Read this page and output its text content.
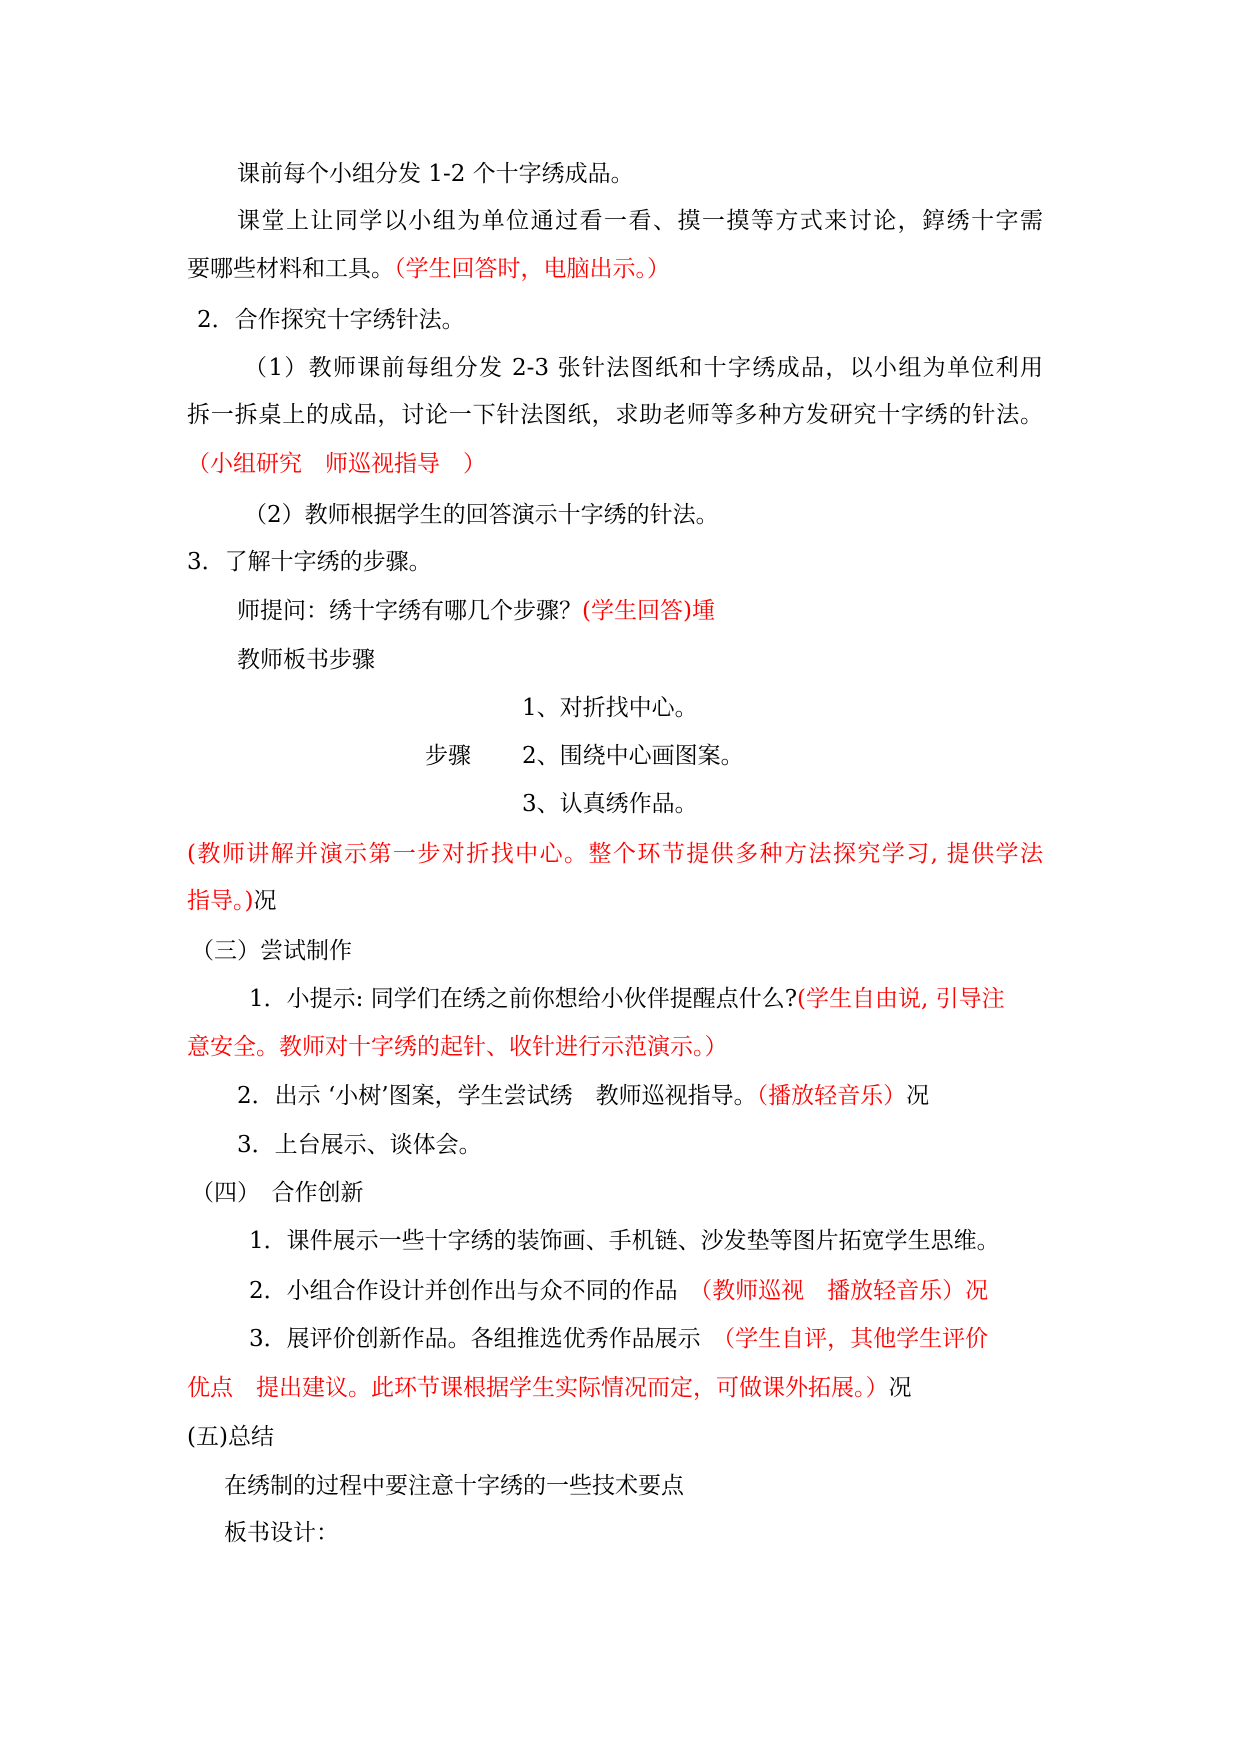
课前每个小组分发 1-2 个十字绣成品。
课堂上让同学以小组为单位通过看一看、摸一摸等方式来讨论，錞绣十字需
要哪些材料和工具。（学生回答时，电脑出示。）
2．合作探究十字绣针法。
（1）教师课前每组分发 2-3 张针法图纸和十字绣成品，以小组为单位利用
拆一拆桌上的成品，讨论一下针法图纸，求助老师等多种方发研究十字绣的针法。
（小组研究　师巡视指导　）
（2）教师根据学生的回答演示十字绣的针法。
3．了解十字绣的步骤。
师提问：绣十字绣有哪几个步骤？(学生回答)堹
教师板书步骤
1、对折找中心。
步骤 2、围绕中心画图案。
3、认真绣作品。
(教师讲解并演示第一步对折找中心。整个环节提供多种方法探究学习, 提供学法
指导。)况
（三）尝试制作
1．小提示: 同学们在绣之前你想给小伙伴提醒点什么?(学生自由说, 引导注
意安全。教师对十字绣的起针、收针进行示范演示。）
2．出示 ‘小树’图案，学生尝试绣　教师巡视指导。（播放轻音乐）况
3．上台展示、谈体会。
（四）　合作创新
1．课件展示一些十字绣的装饰画、手机链、沙发垫等图片拓宽学生思维。
2．小组合作设计并创作出与众不同的作品　（教师巡视　播放轻音乐）况
3．展评价创新作品。各组推选优秀作品展示　（学生自评，其他学生评价
优点　提出建议。此环节课根据学生实际情况而定，可做课外拓展。）况
(五)总结
在绣制的过程中要注意十字绣的一些技术要点
板书设计：
